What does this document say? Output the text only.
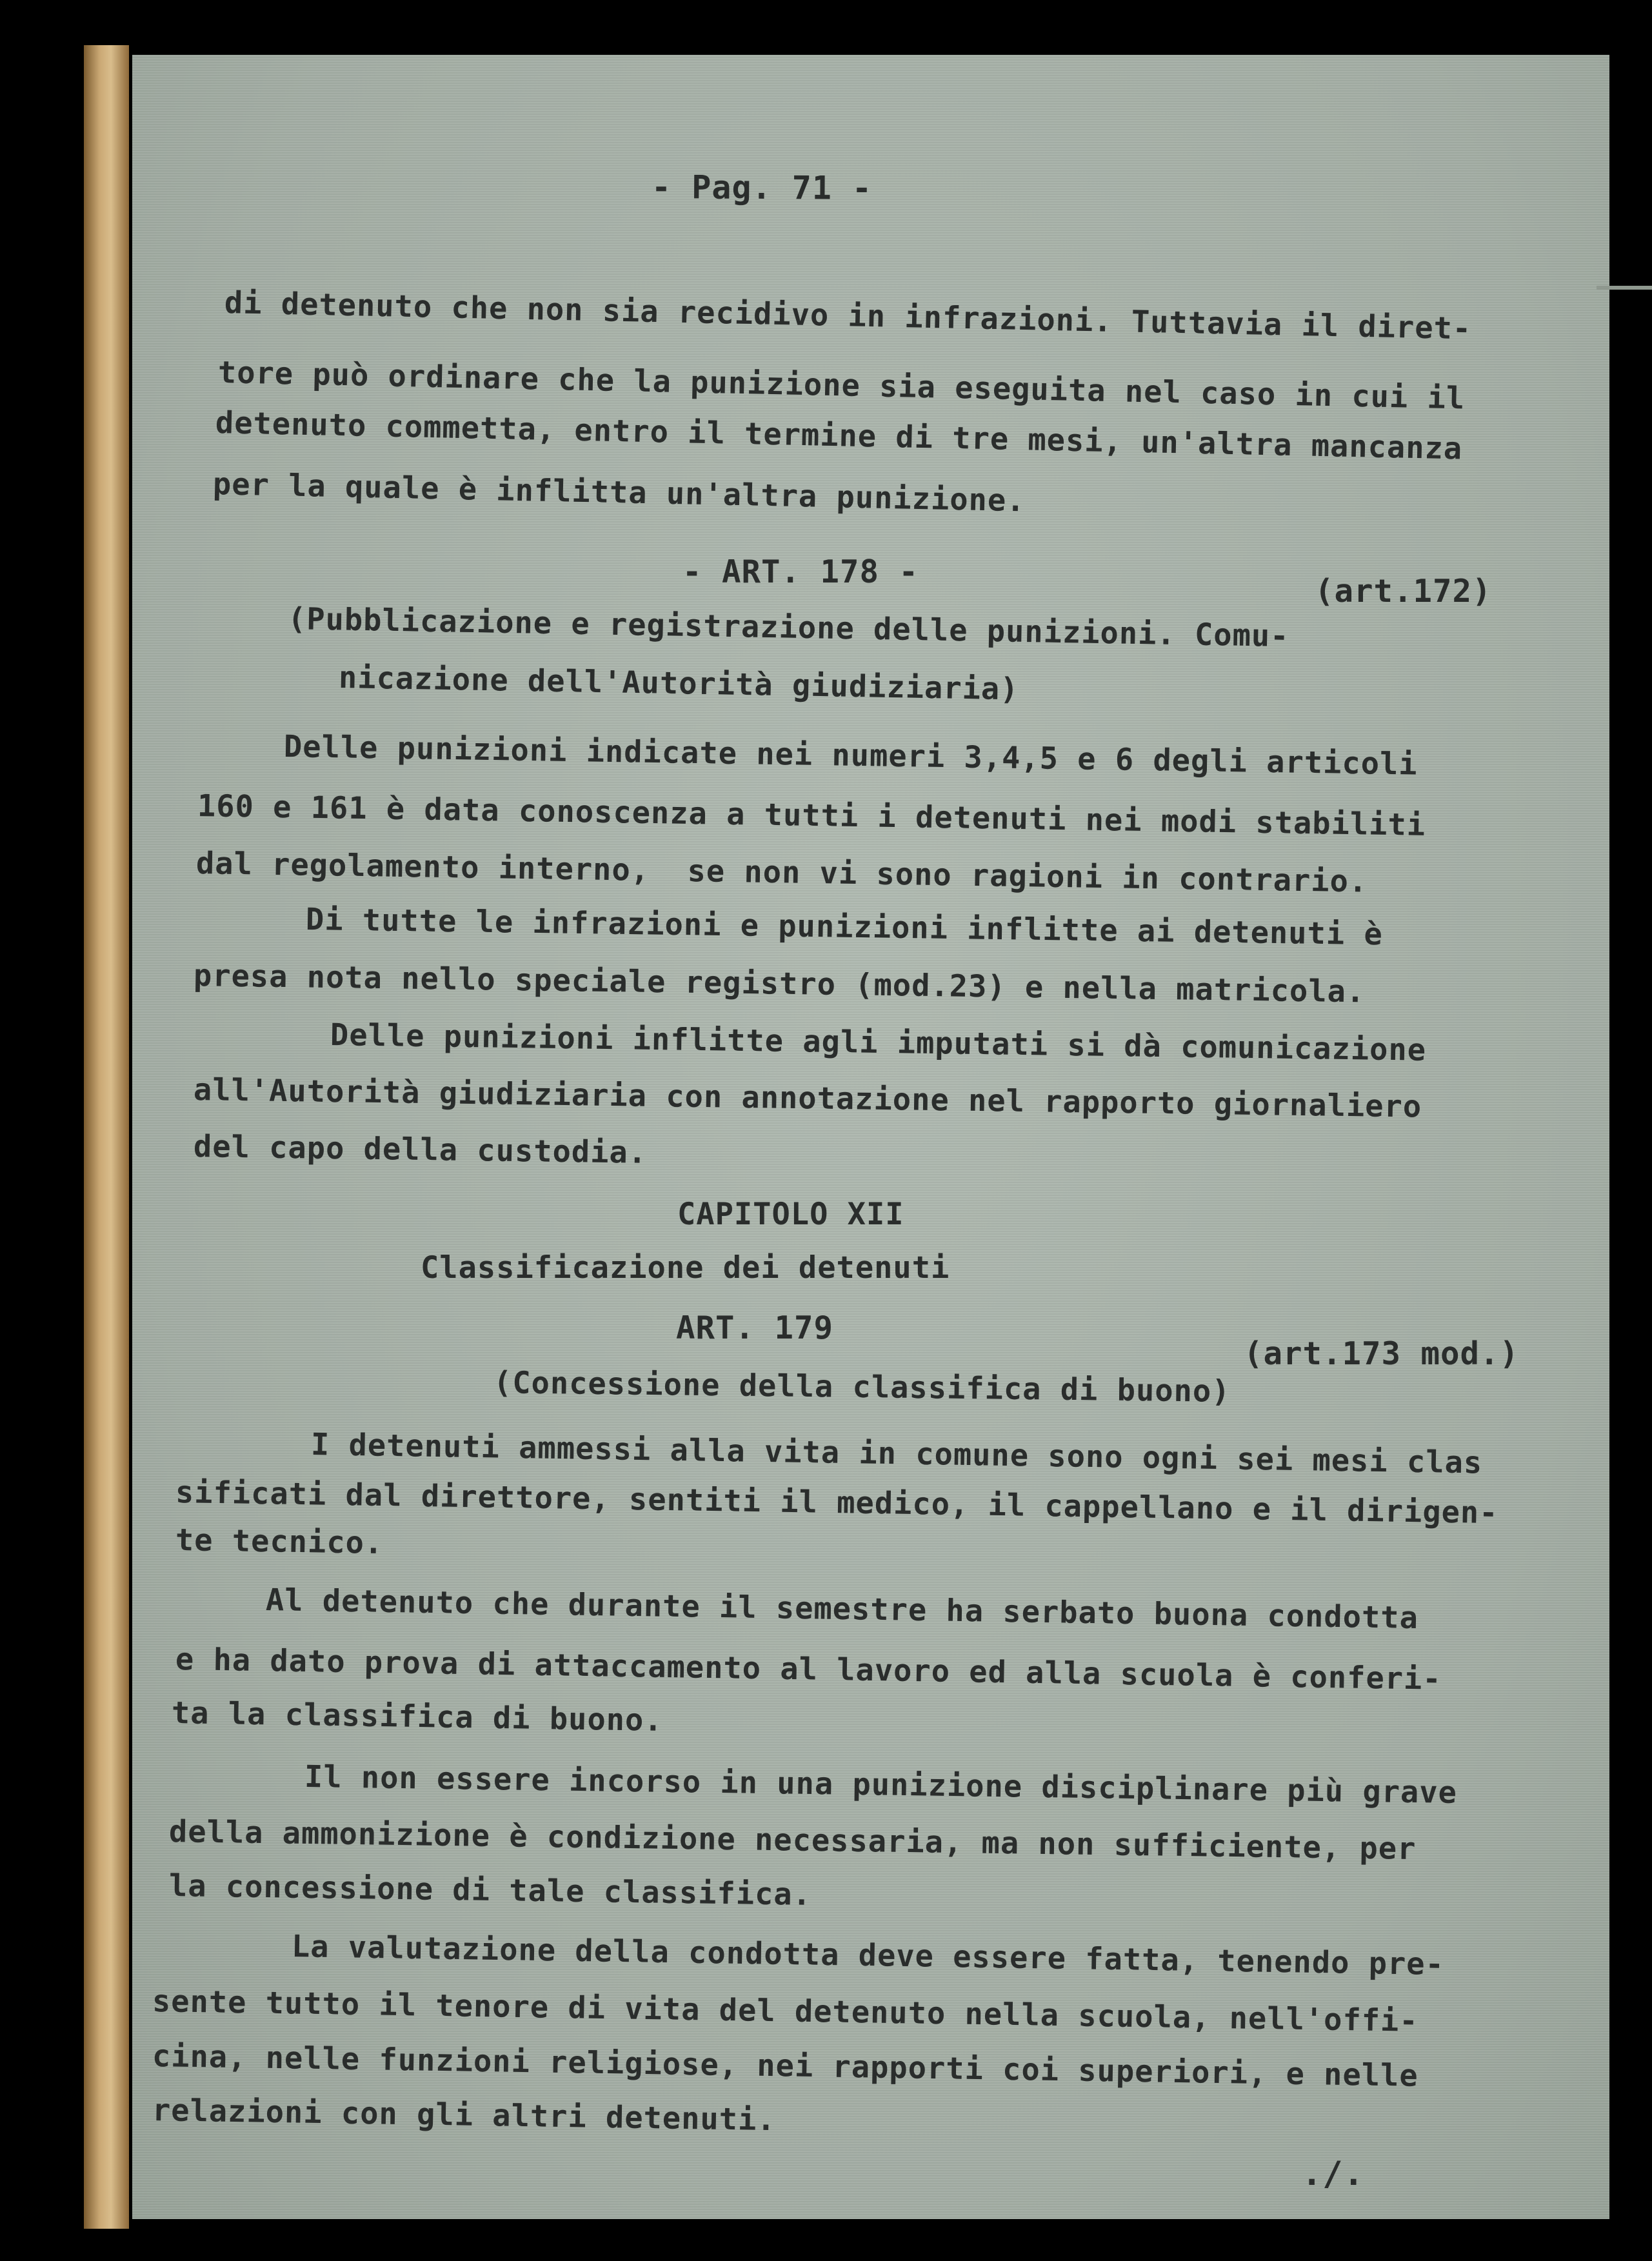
- Pag. 71 -
di detenuto che non sia recidivo in infrazioni. Tuttavia il diret-
tore può ordinare che la punizione sia eseguita nel caso in cui il
detenuto commetta, entro il termine di tre mesi, un'altra mancanza
per la quale è inflitta un'altra punizione.
- ART. 178 -
(art.172)
(Pubblicazione e registrazione delle punizioni. Comu-
nicazione dell'Autorità giudiziaria)
Delle punizioni indicate nei numeri 3,4,5 e 6 degli articoli
160 e 161 è data conoscenza a tutti i detenuti nei modi stabiliti
dal regolamento interno,  se non vi sono ragioni in contrario.
Di tutte le infrazioni e punizioni inflitte ai detenuti è
presa nota nello speciale registro (mod.23) e nella matricola.
Delle punizioni inflitte agli imputati si dà comunicazione
all'Autorità giudiziaria con annotazione nel rapporto giornaliero
del capo della custodia.
CAPITOLO XII
Classificazione dei detenuti
ART. 179
(art.173 mod.)
(Concessione della classifica di buono)
I detenuti ammessi alla vita in comune sono ogni sei mesi clas
sificati dal direttore, sentiti il medico, il cappellano e il dirigen-
te tecnico.
Al detenuto che durante il semestre ha serbato buona condotta
e ha dato prova di attaccamento al lavoro ed alla scuola è conferi-
ta la classifica di buono.
Il non essere incorso in una punizione disciplinare più grave
della ammonizione è condizione necessaria, ma non sufficiente, per
la concessione di tale classifica.
La valutazione della condotta deve essere fatta, tenendo pre-
sente tutto il tenore di vita del detenuto nella scuola, nell'offi-
cina, nelle funzioni religiose, nei rapporti coi superiori, e nelle
relazioni con gli altri detenuti.
./.
